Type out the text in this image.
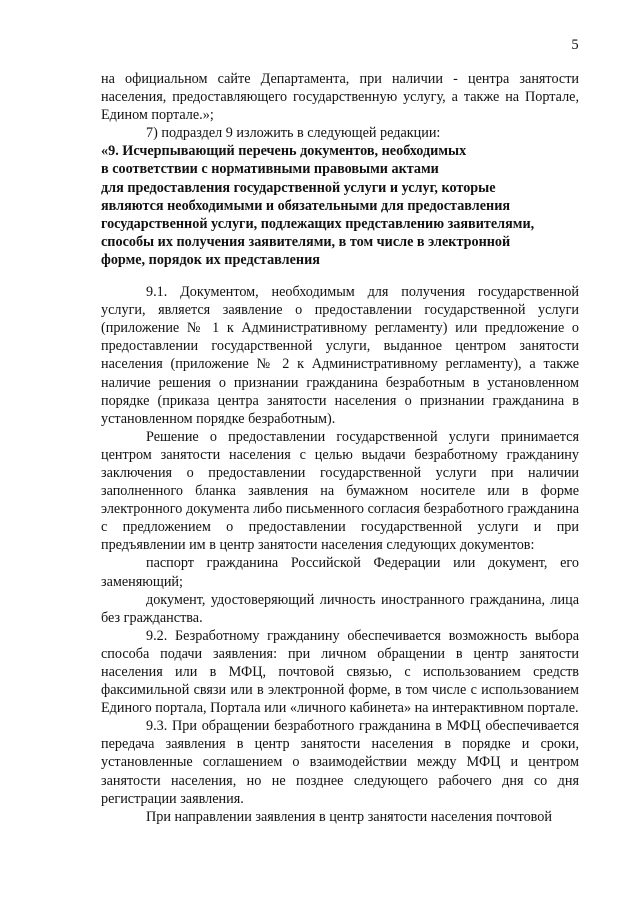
5

на официальном сайте Департамента, при наличии - центра занятости населения, предоставляющего государственную услугу, а также на Портале, Едином портале.»;

7) подраздел 9 изложить в следующей редакции:

«9. Исчерпывающий перечень документов, необходимых

в соответствии с нормативными правовыми актами

для предоставления государственной услуги и услуг, которые

являются необходимыми и обязательными для предоставления

государственной услуги, подлежащих представлению заявителями,

способы их получения заявителями, в том числе в электронной

форме, порядок их представления

9.1. Документом, необходимым для получения государственной услуги, является заявление о предоставлении государственной услуги (приложение № 1 к Административному регламенту) или предложение о предоставлении государственной услуги, выданное центром занятости населения (приложение № 2 к Административному регламенту), а также наличие решения о признании гражданина безработным в установленном порядке (приказа центра занятости населения о признании гражданина в установленном порядке безработным).

Решение о предоставлении государственной услуги принимается центром занятости населения с целью выдачи безработному гражданину заключения о предоставлении государственной услуги при наличии заполненного бланка заявления на бумажном носителе или в форме электронного документа либо письменного согласия безработного гражданина с предложением о предоставлении государственной услуги и при предъявлении им в центр занятости населения следующих документов:

паспорт гражданина Российской Федерации или документ, его заменяющий;

документ, удостоверяющий личность иностранного гражданина, лица без гражданства.

9.2. Безработному гражданину обеспечивается возможность выбора способа подачи заявления: при личном обращении в центр занятости населения или в МФЦ, почтовой связью, с использованием средств факсимильной связи или в электронной форме, в том числе с использованием Единого портала, Портала или «личного кабинета» на интерактивном портале.

9.3. При обращении безработного гражданина в МФЦ обеспечивается передача заявления в центр занятости населения в порядке и сроки, установленные соглашением о взаимодействии между МФЦ и центром занятости населения, но не позднее следующего рабочего дня со дня регистрации заявления.

При направлении заявления в центр занятости населения почтовой
